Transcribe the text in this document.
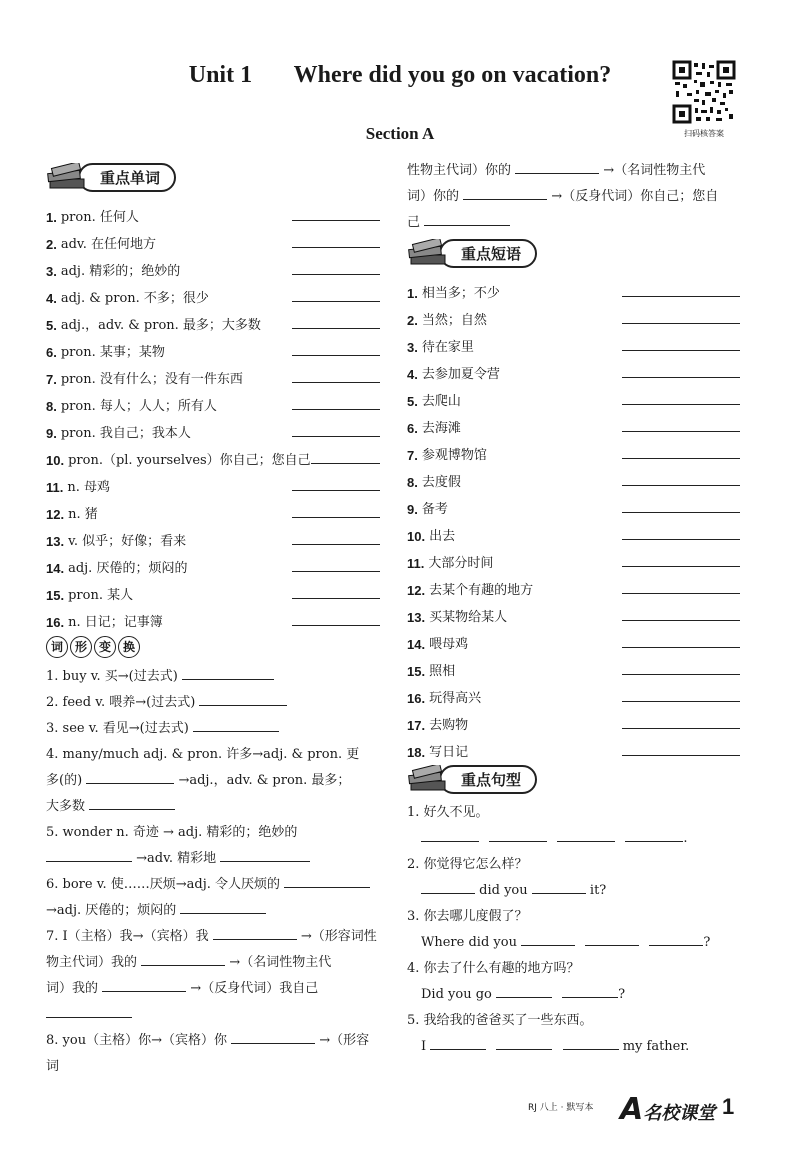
Unit 1 Where did you go on vacation?
Section A	扫码核答案
重点单词
1. pron. 任何人
2. adv. 在任何地方
3. adj. 精彩的；绝妙的
4. adj. & pron. 不多；很少
5. adj.，adv. & pron. 最多；大多数
6. pron. 某事；某物
7. pron. 没有什么；没有一件东西
8. pron. 每人；人人；所有人
9. pron. 我自己；我本人
10. pron.（pl. yourselves）你自己；您自己
11. n. 母鸡
12. n. 猪
13. v. 似乎；好像；看来
14. adj. 厌倦的；烦闷的
15. pron. 某人
16. n. 日记；记事簿
词 形 变 换
1. buy v. 买→(过去式)
2. feed v. 喂养→(过去式)
3. see v. 看见→(过去式)
4. many/much adj. & pron. 许多→adj. & pron. 更
多(的)	→adj.，adv. & pron. 最多；
大多数
5. wonder n. 奇迹 → adj. 精彩的；绝妙的
→adv. 精彩地
6. bore v. 使……厌烦→adj. 令人厌烦的
→adj. 厌倦的；烦闷的
7. I（主格）我→（宾格）我	→（形容词性
物主代词）我的	→（名词性物主代
词）我的	→（反身代词）我自己
8. you（主格）你→（宾格）你	→（形容词
性物主代词）你的	→（名词性物主代
词）你的	→（反身代词）你自己；您自
己
重点短语
1. 相当多；不少
2. 当然；自然
3. 待在家里
4. 去参加夏令营
5. 去爬山
6. 去海滩
7. 参观博物馆
8. 去度假
9. 备考
10. 出去
11. 大部分时间
12. 去某个有趣的地方
13. 买某物给某人
14. 喂母鸡
15. 照相
16. 玩得高兴
17. 去购物
18. 写日记
重点句型
1. 好久不见。
.
2. 你觉得它怎么样？
did you	it?
3. 你去哪儿度假了？
Where did you	?
4. 你去了什么有趣的地方吗？
Did you go	?
5. 我给我的爸爸买了一些东西。
I	my father.
RJ 八上 · 默写本 A名校课堂 1
